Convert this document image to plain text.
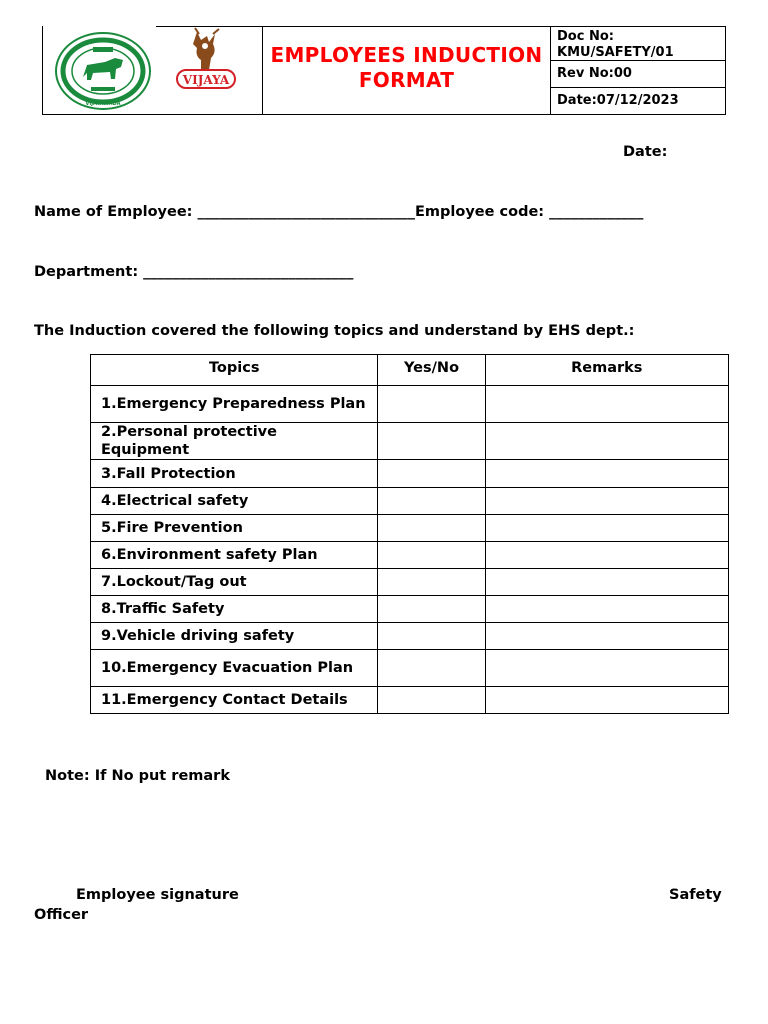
VIJAYAWADA
VIJAYA
EMPLOYEES INDUCTION
FORMAT
Doc No:
KMU/SAFETY/01
Rev No:00
Date:07/12/2023
Date:
Name of Employee: ______________________________Employee code: _____________
Department: _____________________________
The Induction covered the following topics and understand by EHS dept.:
Topics	Yes/No	Remarks
1.Emergency Preparedness Plan		
2.Personal protective Equipment		
3.Fall Protection		
4.Electrical safety		
5.Fire Prevention		
6.Environment safety Plan		
7.Lockout/Tag out		
8.Traffic Safety		
9.Vehicle driving safety		
10.Emergency Evacuation Plan		
11.Emergency Contact Details		
Note: If No put remark
Employee signature	Safety
Officer
